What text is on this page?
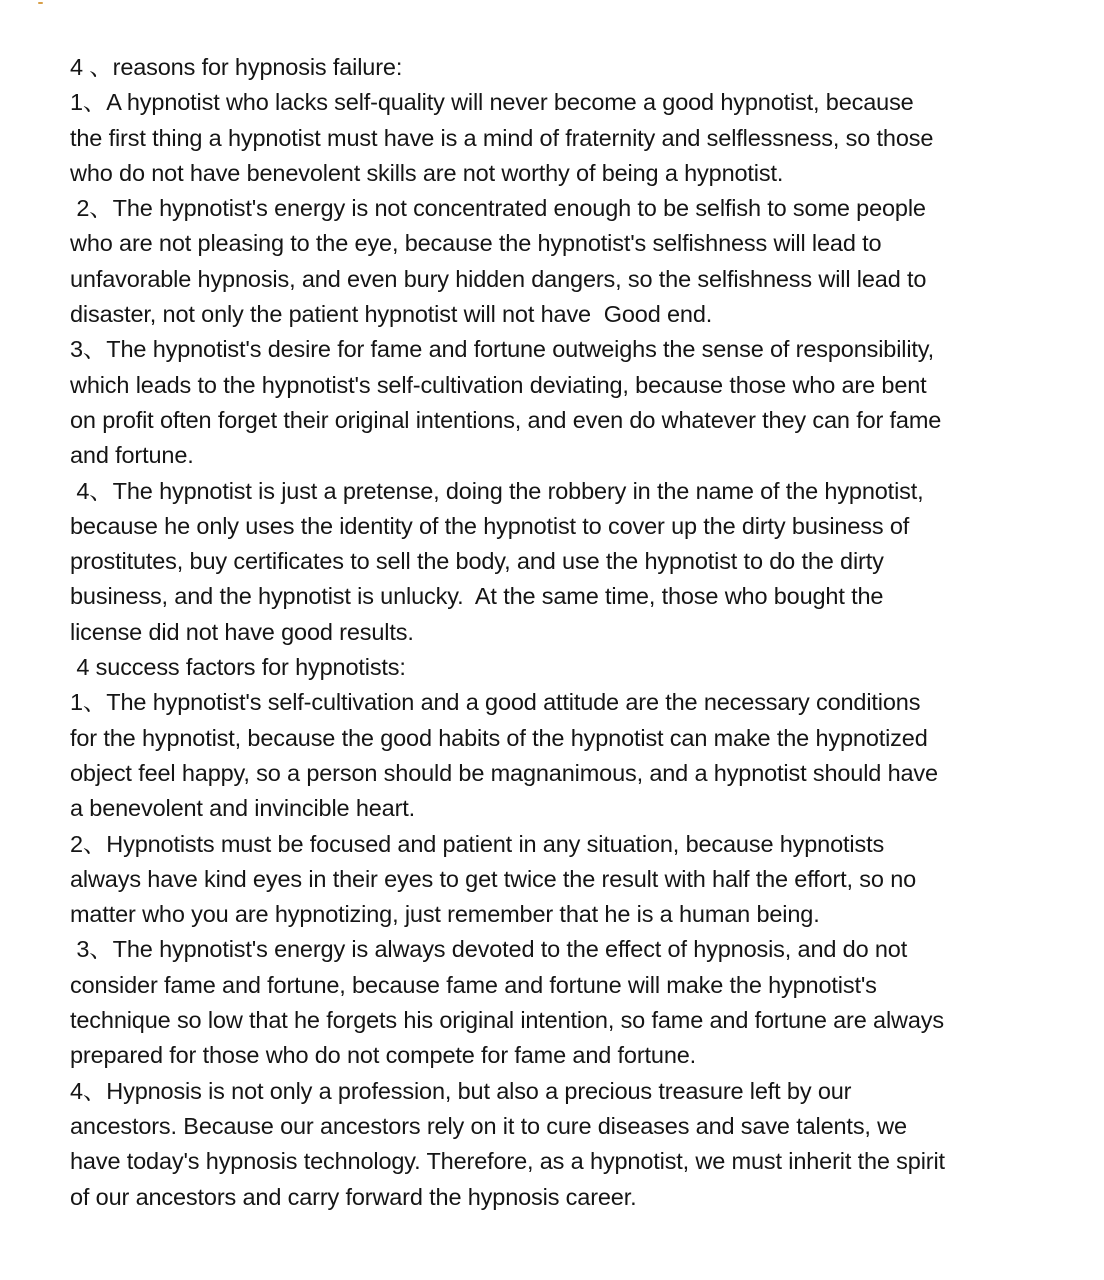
4 、reasons for hypnosis failure:
1、A hypnotist who lacks self-quality will never become a good hypnotist, because
the first thing a hypnotist must have is a mind of fraternity and selflessness, so those
who do not have benevolent skills are not worthy of being a hypnotist.
2、The hypnotist's energy is not concentrated enough to be selfish to some people
who are not pleasing to the eye, because the hypnotist's selfishness will lead to
unfavorable hypnosis, and even bury hidden dangers, so the selfishness will lead to
disaster, not only the patient hypnotist will not have  Good end.
3、The hypnotist's desire for fame and fortune outweighs the sense of responsibility,
which leads to the hypnotist's self-cultivation deviating, because those who are bent
on profit often forget their original intentions, and even do whatever they can for fame
and fortune.
4、The hypnotist is just a pretense, doing the robbery in the name of the hypnotist,
because he only uses the identity of the hypnotist to cover up the dirty business of
prostitutes, buy certificates to sell the body, and use the hypnotist to do the dirty
business, and the hypnotist is unlucky.  At the same time, those who bought the
license did not have good results.
4 success factors for hypnotists:
1、The hypnotist's self-cultivation and a good attitude are the necessary conditions
for the hypnotist, because the good habits of the hypnotist can make the hypnotized
object feel happy, so a person should be magnanimous, and a hypnotist should have
a benevolent and invincible heart.
2、Hypnotists must be focused and patient in any situation, because hypnotists
always have kind eyes in their eyes to get twice the result with half the effort, so no
matter who you are hypnotizing, just remember that he is a human being.
3、The hypnotist's energy is always devoted to the effect of hypnosis, and do not
consider fame and fortune, because fame and fortune will make the hypnotist's
technique so low that he forgets his original intention, so fame and fortune are always
prepared for those who do not compete for fame and fortune.
4、Hypnosis is not only a profession, but also a precious treasure left by our
ancestors. Because our ancestors rely on it to cure diseases and save talents, we
have today's hypnosis technology. Therefore, as a hypnotist, we must inherit the spirit
of our ancestors and carry forward the hypnosis career.
